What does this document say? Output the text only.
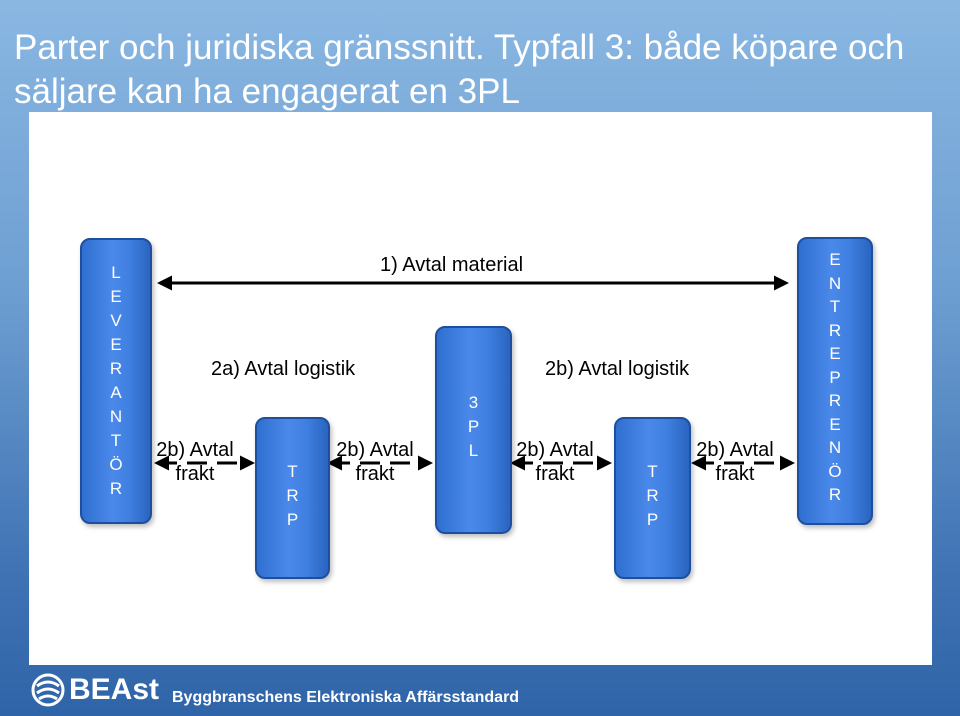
Parter och juridiska gränssnitt. Typfall 3: både köpare och säljare kan ha engagerat en 3PL
L
E
V
E
R
A
N
T
Ö
R
T
R
P
3
P
L
T
R
P
E
N
T
R
E
P
R
E
N
Ö
R
1) Avtal material
2a) Avtal logistik	2b) Avtal logistik
2b) Avtal
frakt
2b) Avtal
frakt
2b) Avtal
frakt
2b) Avtal
frakt
BEAst Byggbranschens Elektroniska Affärsstandard
